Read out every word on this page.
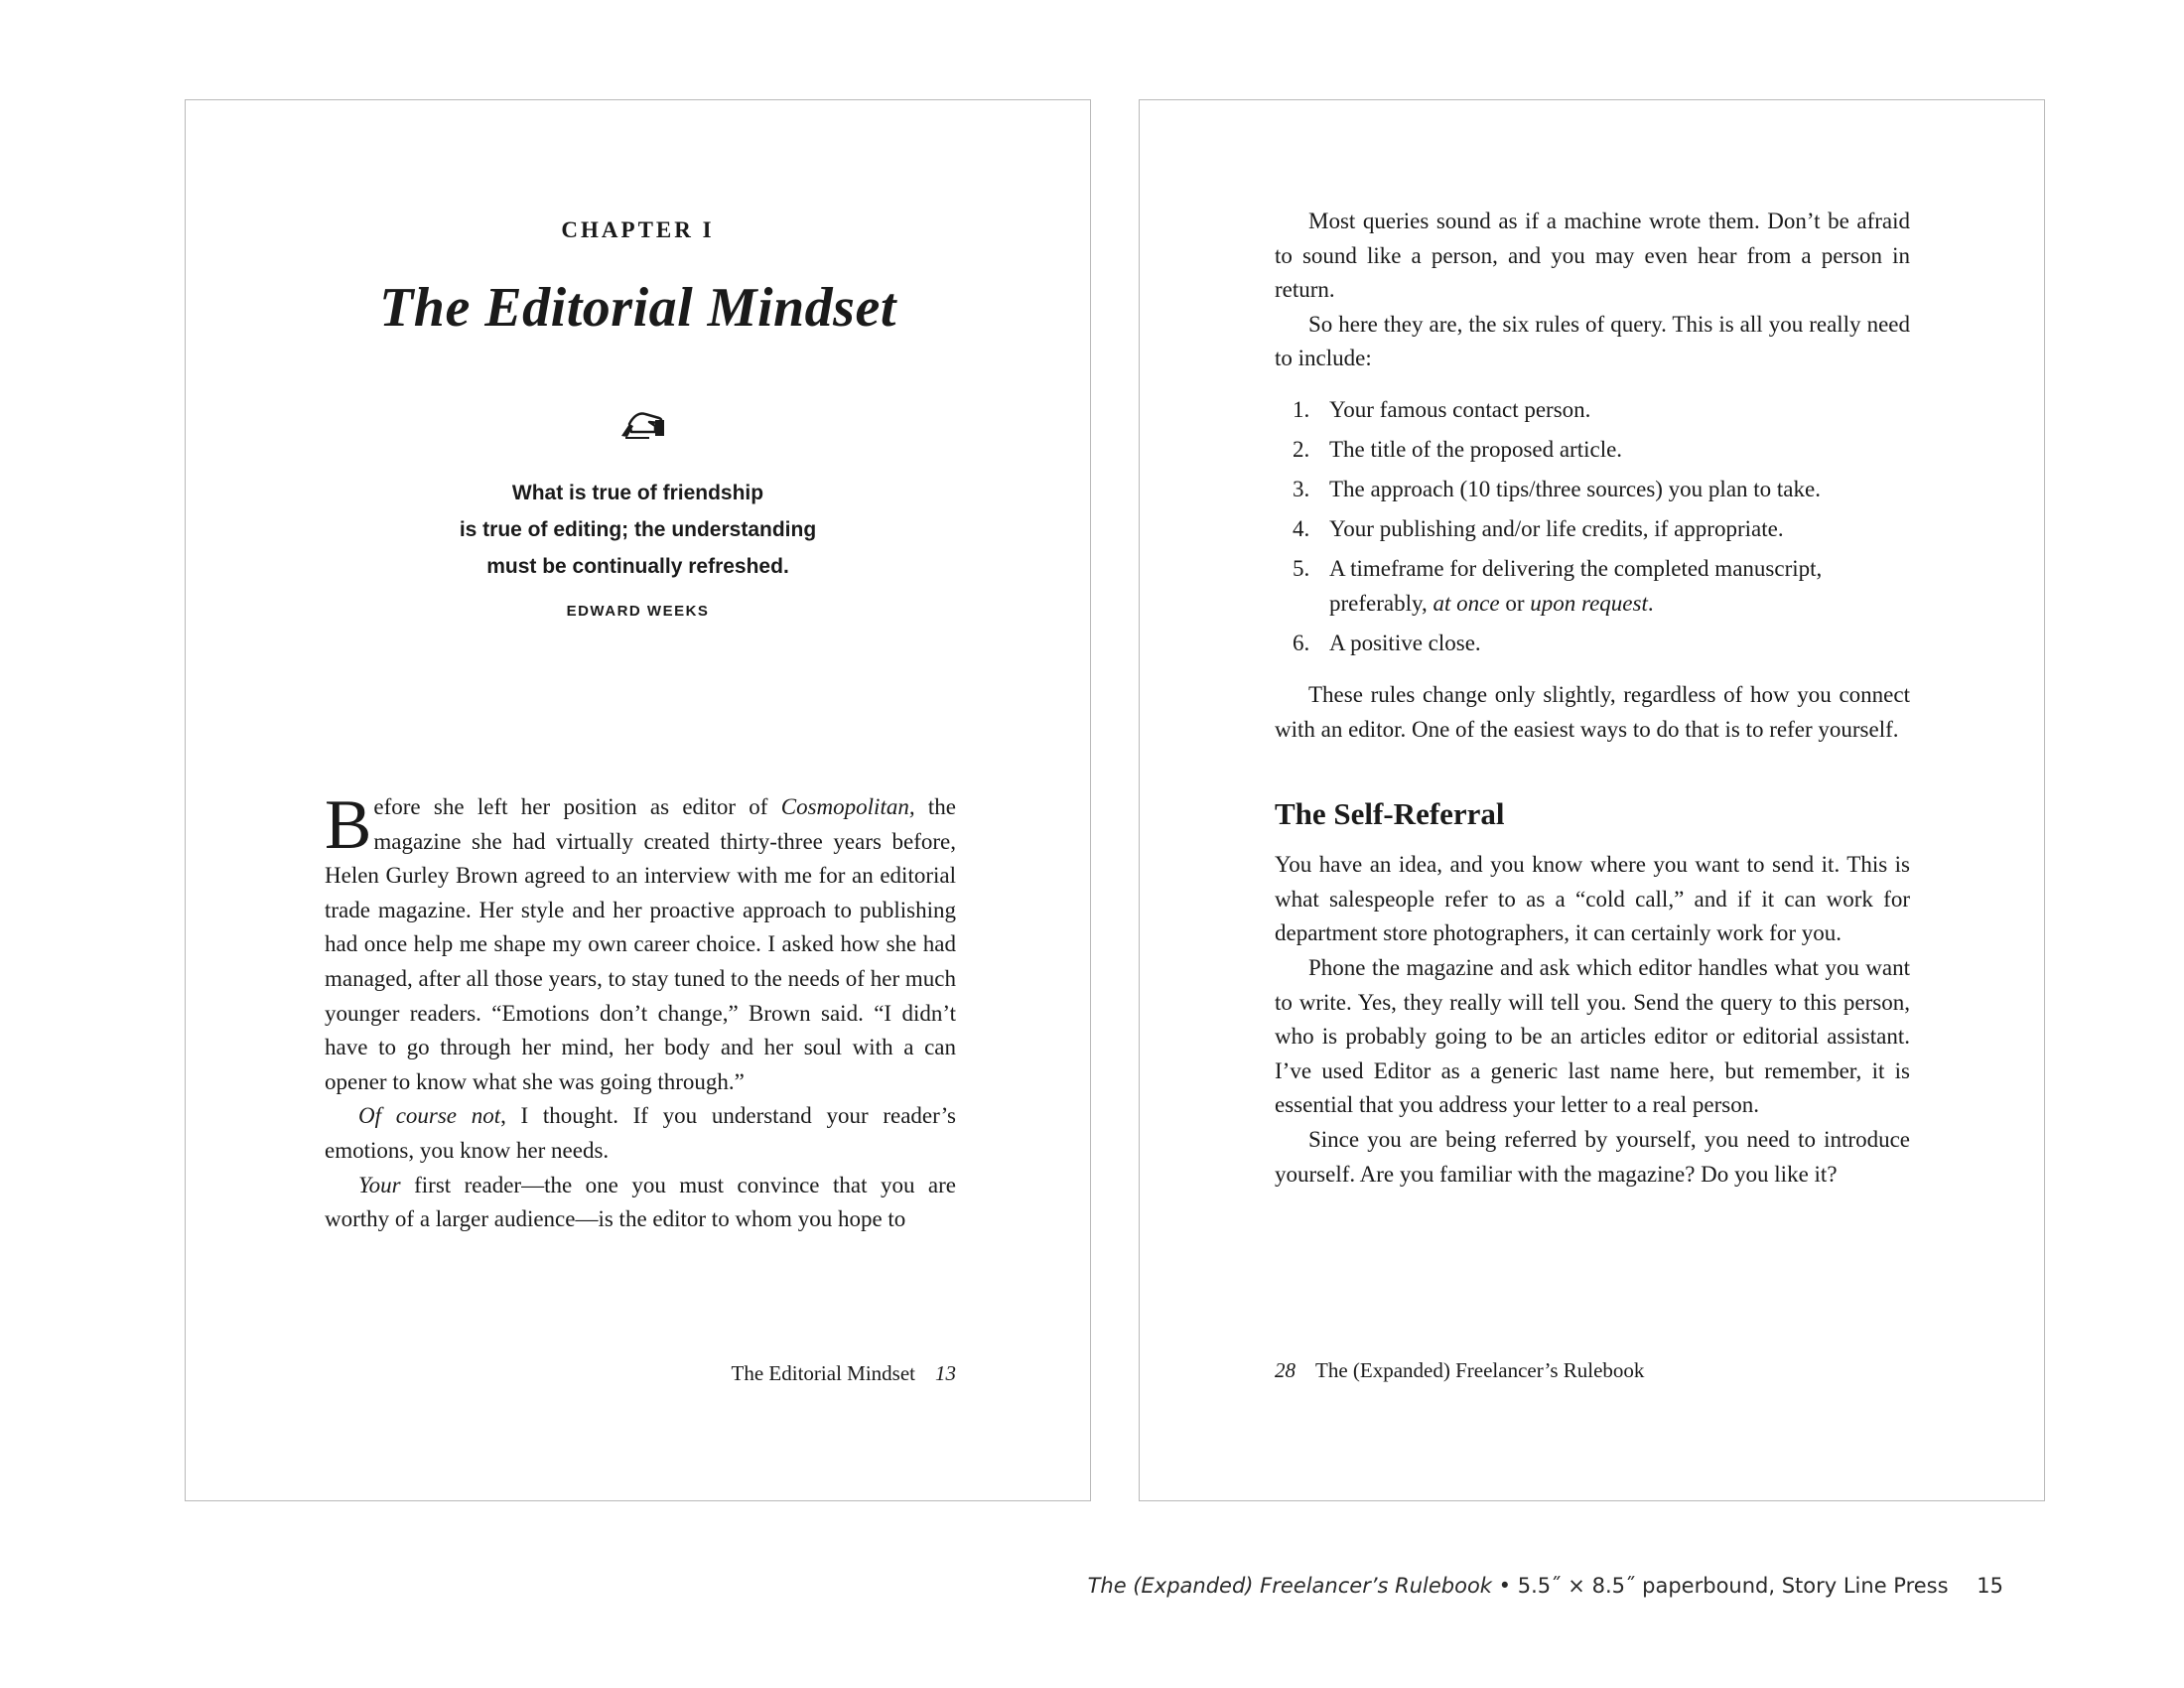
CHAPTER I
The Editorial Mindset
What is true of friendship
is true of editing; the understanding
must be continually refreshed.
EDWARD WEEKS

Before she left her position as editor of Cosmopolitan, the magazine she had virtually created thirty-three years before, Helen Gurley Brown agreed to an interview with me for an editorial trade magazine. Her style and her proactive approach to publishing had once help me shape my own career choice. I asked how she had managed, after all those years, to stay tuned to the needs of her much younger readers. “Emotions don’t change,” Brown said. “I didn’t have to go through her mind, her body and her soul with a can opener to know what she was going through.”

Of course not, I thought. If you understand your reader’s emotions, you know her needs.

Your first reader—the one you must convince that you are worthy of a larger audience—is the editor to whom you hope to

The Editorial Mindset 13

Most queries sound as if a machine wrote them. Don’t be afraid to sound like a person, and you may even hear from a person in return.

So here they are, the six rules of query. This is all you really need to include:

1. Your famous contact person.
2. The title of the proposed article.
3. The approach (10 tips/three sources) you plan to take.
4. Your publishing and/or life credits, if appropriate.
5. A timeframe for delivering the completed manuscript, preferably, at once or upon request.
6. A positive close.

These rules change only slightly, regardless of how you connect with an editor. One of the easiest ways to do that is to refer yourself.

The Self-Referral

You have an idea, and you know where you want to send it. This is what salespeople refer to as a “cold call,” and if it can work for department store photographers, it can certainly work for you.

Phone the magazine and ask which editor handles what you want to write. Yes, they really will tell you. Send the query to this person, who is probably going to be an articles editor or editorial assistant. I’ve used Editor as a generic last name here, but remember, it is essential that you address your letter to a real person.

Since you are being referred by yourself, you need to introduce yourself. Are you familiar with the magazine? Do you like it?

28 The (Expanded) Freelancer’s Rulebook
The (Expanded) Freelancer’s Rulebook • 5.5˝ × 8.5˝ paperbound, Story Line Press 15
